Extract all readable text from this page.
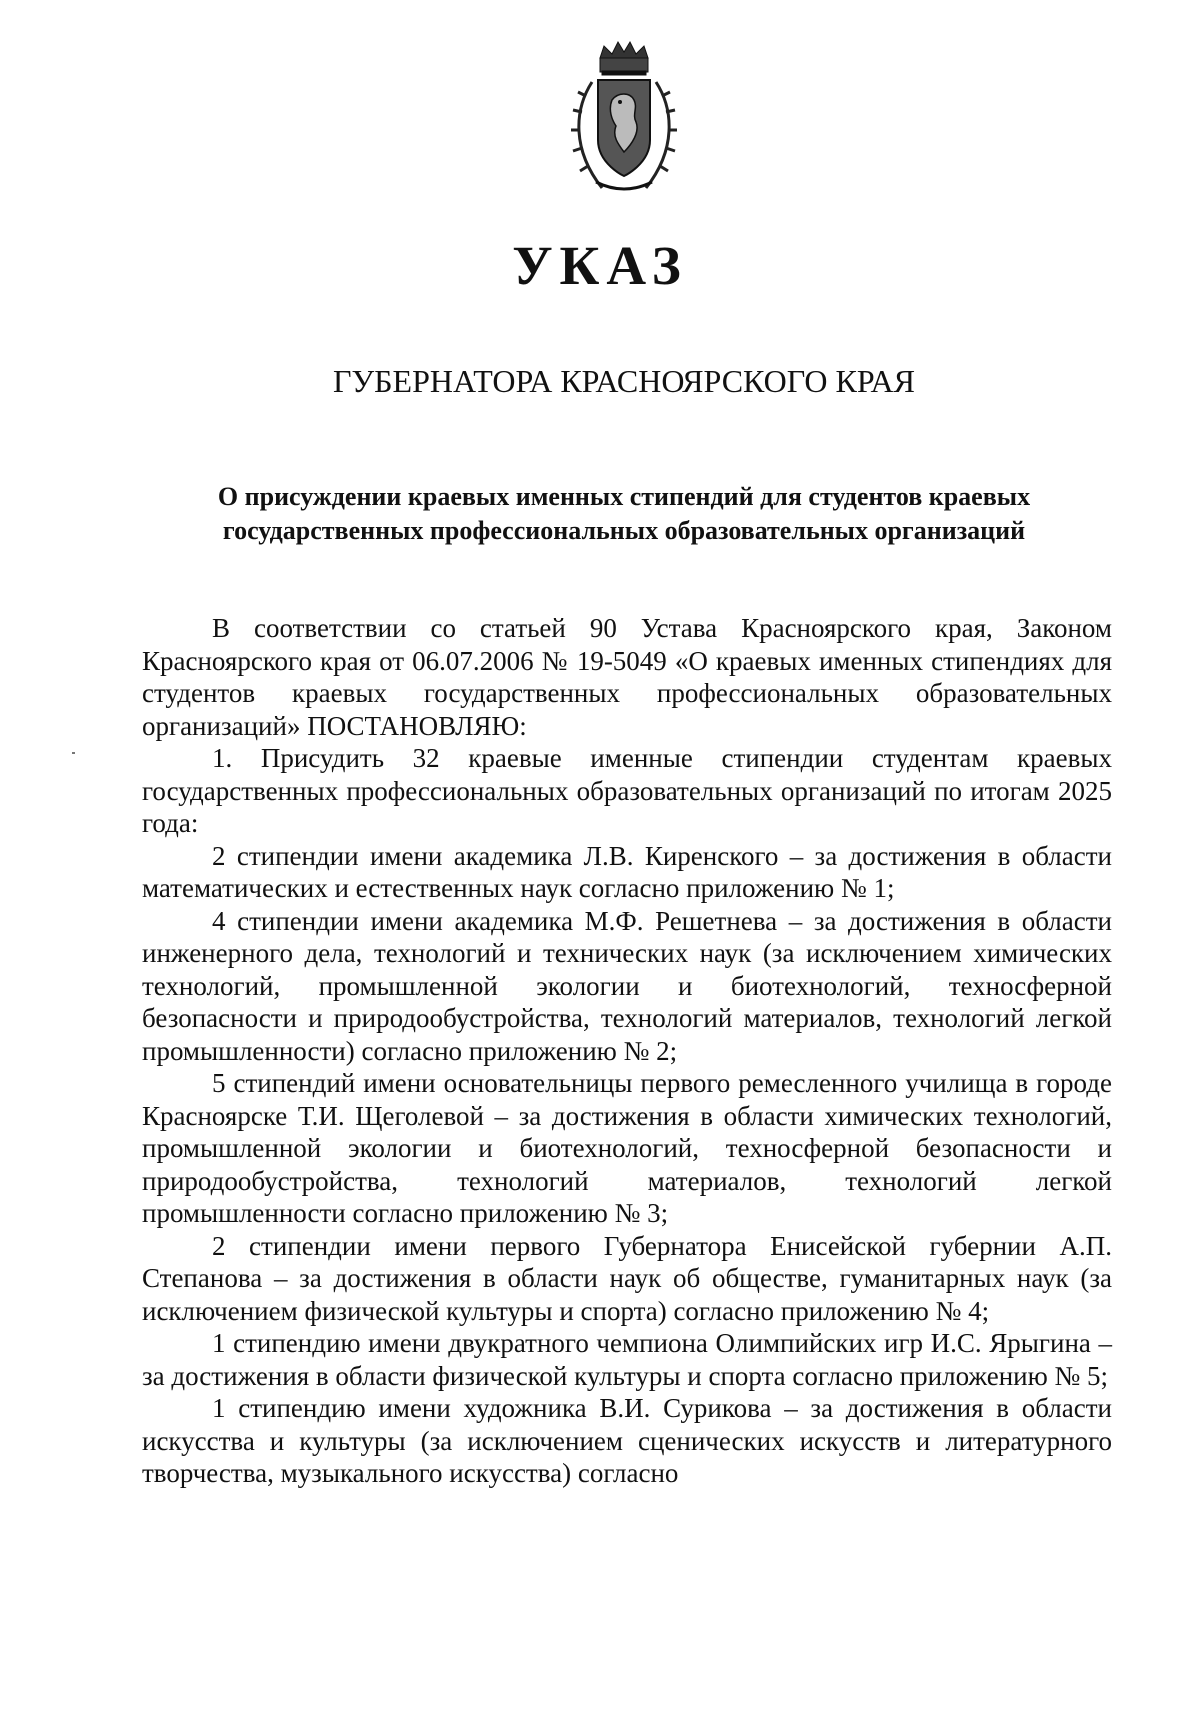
УКАЗ
ГУБЕРНАТОРА КРАСНОЯРСКОГО КРАЯ
О присуждении краевых именных стипендий для студентов краевых
государственных профессиональных образовательных организаций

В соответствии со статьей 90 Устава Красноярского края, Законом Красноярского края от 06.07.2006 № 19-5049 «О краевых именных стипендиях для студентов краевых государственных профессиональных образовательных организаций» ПОСТАНОВЛЯЮ:

1. Присудить 32 краевые именные стипендии студентам краевых государственных профессиональных образовательных организаций по итогам 2025 года:

2 стипендии имени академика Л.В. Киренского – за достижения в области математических и естественных наук согласно приложению № 1;

4 стипендии имени академика М.Ф. Решетнева – за достижения в области инженерного дела, технологий и технических наук (за исключением химических технологий, промышленной экологии и биотехнологий, техносферной безопасности и природообустройства, технологий материалов, технологий легкой промышленности) согласно приложению № 2;

5 стипендий имени основательницы первого ремесленного училища в городе Красноярске Т.И. Щеголевой – за достижения в области химических технологий, промышленной экологии и биотехнологий, техносферной безопасности и природообустройства, технологий материалов, технологий легкой промышленности согласно приложению № 3;

2 стипендии имени первого Губернатора Енисейской губернии А.П. Степанова – за достижения в области наук об обществе, гуманитарных наук (за исключением физической культуры и спорта) согласно приложению № 4;

1 стипендию имени двукратного чемпиона Олимпийских игр И.С. Ярыгина – за достижения в области физической культуры и спорта согласно приложению № 5;

1 стипендию имени художника В.И. Сурикова – за достижения в области искусства и культуры (за исключением сценических искусств и литературного творчества, музыкального искусства) согласно
